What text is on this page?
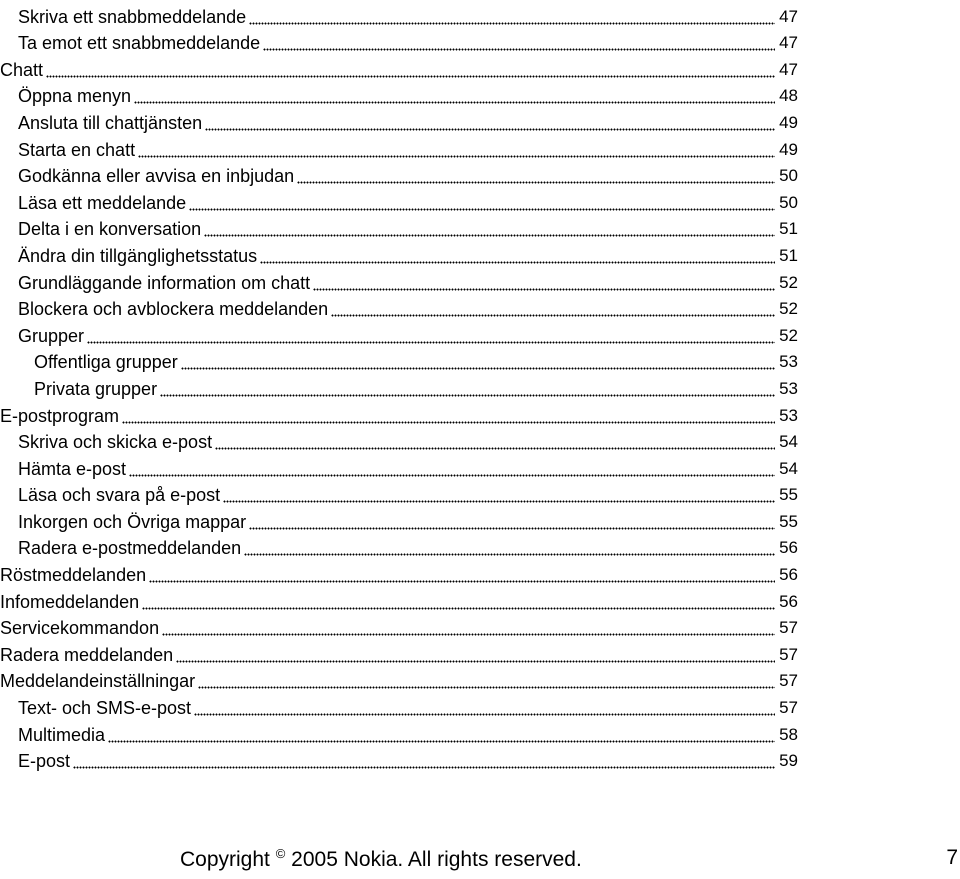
Skriva ett snabbmeddelande	47
Ta emot ett snabbmeddelande	47
Chatt	47
Öppna menyn	48
Ansluta till chattjänsten	49
Starta en chatt	49
Godkänna eller avvisa en inbjudan	50
Läsa ett meddelande	50
Delta i en konversation	51
Ändra din tillgänglighetsstatus	51
Grundläggande information om chatt	52
Blockera och avblockera meddelanden	52
Grupper	52
Offentliga grupper	53
Privata grupper	53
E-postprogram	53
Skriva och skicka e-post	54
Hämta e-post	54
Läsa och svara på e-post	55
Inkorgen och Övriga mappar	55
Radera e-postmeddelanden	56
Röstmeddelanden	56
Infomeddelanden	56
Servicekommandon	57
Radera meddelanden	57
Meddelandeinställningar	57
Text- och SMS-e-post	57
Multimedia	58
E-post	59
Copyright © 2005 Nokia. All rights reserved.	7
